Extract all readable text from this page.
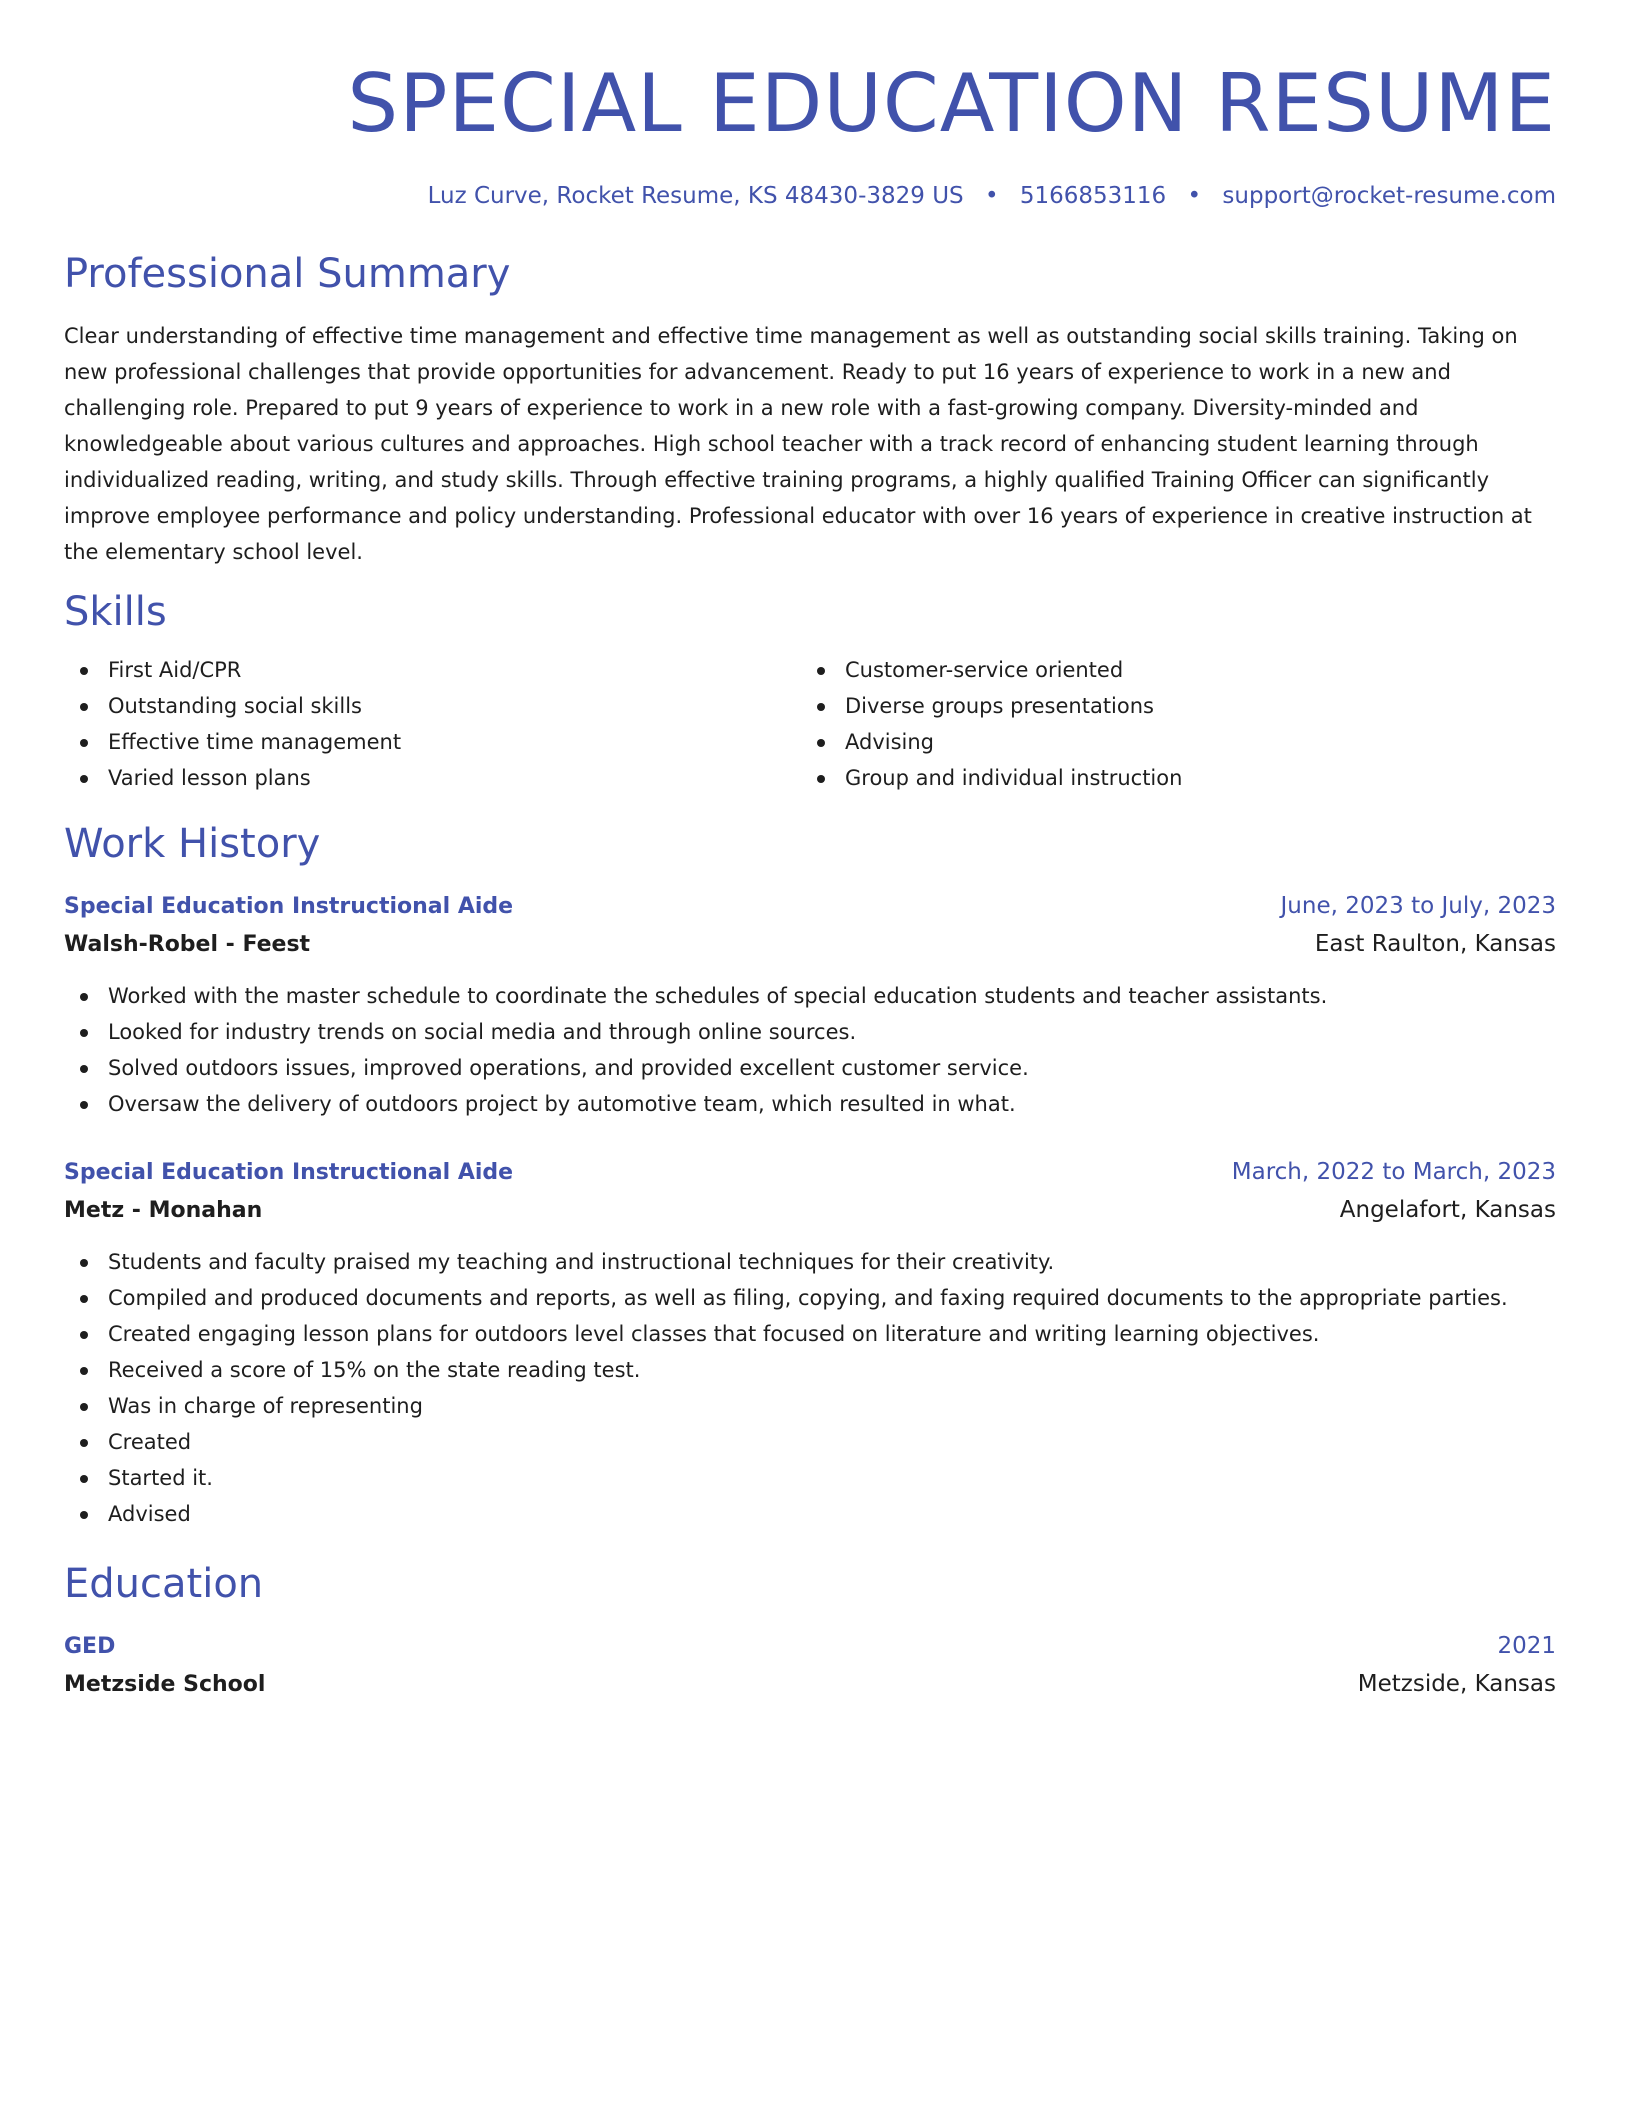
SPECIAL EDUCATION RESUME
Luz Curve, Rocket Resume, KS 48430-3829 US • 5166853116 • support@rocket-resume.com
Professional Summary
Clear understanding of effective time management and effective time management as well as outstanding social skills training. Taking on new professional challenges that provide opportunities for advancement. Ready to put 16 years of experience to work in a new and challenging role. Prepared to put 9 years of experience to work in a new role with a fast-growing company. Diversity-minded and knowledgeable about various cultures and approaches. High school teacher with a track record of enhancing student learning through individualized reading, writing, and study skills. Through effective training programs, a highly qualified Training Officer can significantly improve employee performance and policy understanding. Professional educator with over 16 years of experience in creative instruction at the elementary school level.
Skills
First Aid/CPR
Outstanding social skills
Effective time management
Varied lesson plans
Customer-service oriented
Diverse groups presentations
Advising
Group and individual instruction
Work History
Special Education Instructional Aide	June, 2023 to July, 2023
Walsh-Robel - Feest	East Raulton, Kansas
Worked with the master schedule to coordinate the schedules of special education students and teacher assistants.
Looked for industry trends on social media and through online sources.
Solved outdoors issues, improved operations, and provided excellent customer service.
Oversaw the delivery of outdoors project by automotive team, which resulted in what.
Special Education Instructional Aide	March, 2022 to March, 2023
Metz - Monahan	Angelafort, Kansas
Students and faculty praised my teaching and instructional techniques for their creativity.
Compiled and produced documents and reports, as well as filing, copying, and faxing required documents to the appropriate parties.
Created engaging lesson plans for outdoors level classes that focused on literature and writing learning objectives.
Received a score of 15% on the state reading test.
Was in charge of representing
Created
Started it.
Advised
Education
GED	2021
Metzside School	Metzside, Kansas
